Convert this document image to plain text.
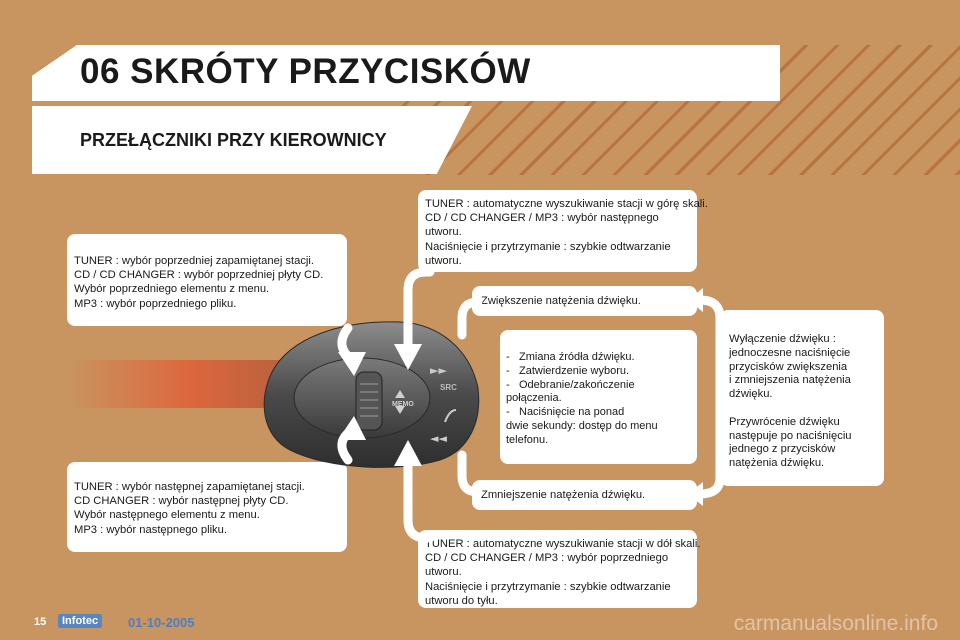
06 SKRÓTY PRZYCISKÓW
PRZEŁĄCZNIKI PRZY KIEROWNICY
TUNER : wybór poprzedniej zapamiętanej stacji.
CD / CD CHANGER : wybór poprzedniej płyty CD.
Wybór poprzedniego elementu z menu.
MP3 : wybór poprzedniego pliku.
TUNER : wybór następnej zapamiętanej stacji.
CD CHANGER : wybór następnej płyty CD.
Wybór następnego elementu z menu.
MP3 : wybór następnego pliku.
TUNER : automatyczne wyszukiwanie stacji w górę skali.
CD / CD CHANGER / MP3 : wybór następnego
utworu.
Naciśnięcie i przytrzymanie : szybkie odtwarzanie
utworu.
TUNER : automatyczne wyszukiwanie stacji w dół skali.
CD / CD CHANGER / MP3 : wybór poprzedniego
utworu.
Naciśnięcie i przytrzymanie : szybkie odtwarzanie
utworu do tyłu.
Zwiększenie natężenia dźwięku.
Zmniejszenie natężenia dźwięku.
- Zmiana źródła dźwięku.
- Zatwierdzenie wyboru.
- Odebranie/zakończenie
połączenia.
- Naciśnięcie na ponad
dwie sekundy: dostęp do menu
telefonu.
Wyłączenie dźwięku :
jednoczesne naciśnięcie
przycisków zwiększenia
i zmniejszenia natężenia
dźwięku.
Przywrócenie dźwięku
następuje po naciśnięciu
jednego z przycisków
natężenia dźwięku.
MEMO
SRC
►►
◄◄
15	Infotec	01-10-2005	carmanualsonline.info
